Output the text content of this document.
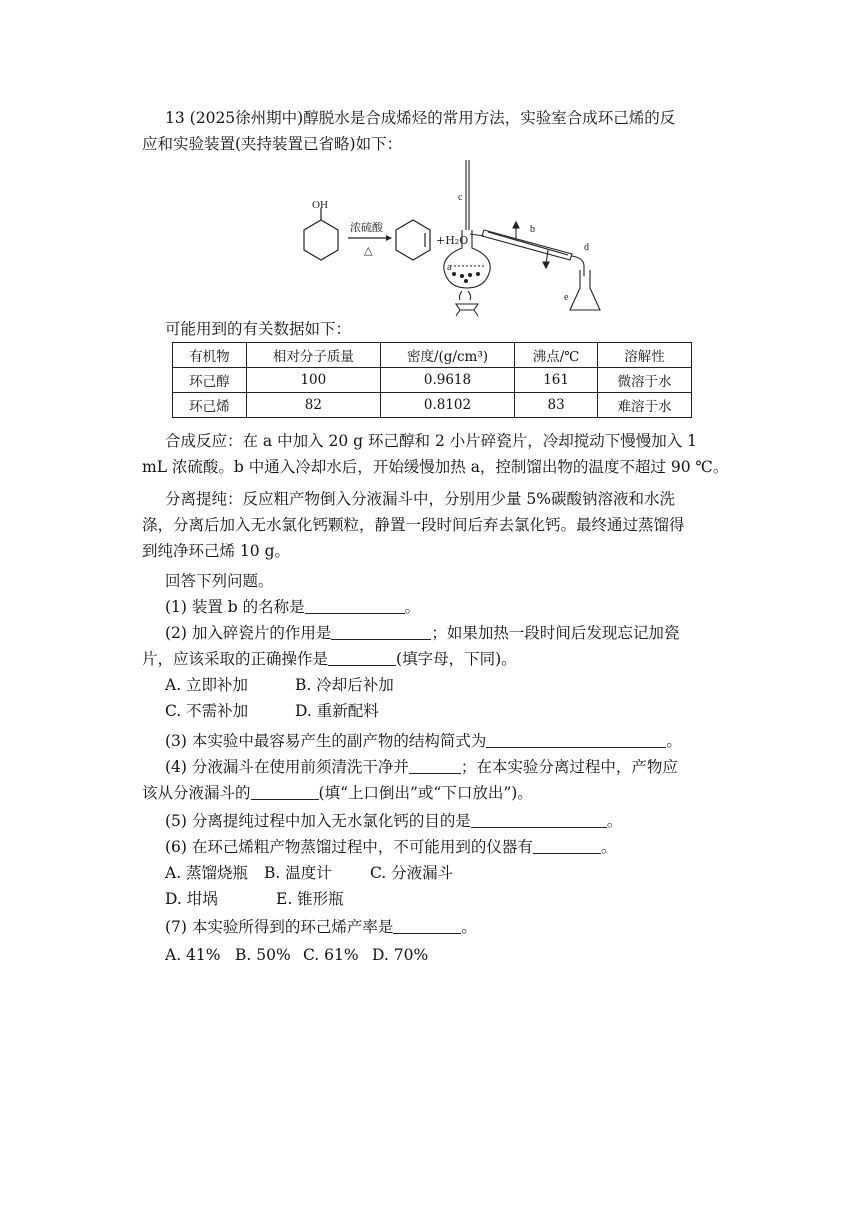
13 (2025徐州期中)醇脱水是合成烯烃的常用方法，实验室合成环己烯的反
应和实验装置(夹持装置已省略)如下：
OH
浓硫酸
△
+H₂O
a
b
c
d
e
可能用到的有关数据如下：
有机物	相对分子质量	密度/(g/cm³)	沸点/℃	溶解性
环己醇	100	0.9618	161	微溶于水
环己烯	82	0.8102	83	难溶于水
合成反应：在 a 中加入 20 g 环己醇和 2 小片碎瓷片，冷却搅动下慢慢加入 1
mL 浓硫酸。b 中通入冷却水后，开始缓慢加热 a，控制馏出物的温度不超过 90 ℃。
分离提纯：反应粗产物倒入分液漏斗中，分别用少量 5%碳酸钠溶液和水洗
涤，分离后加入无水氯化钙颗粒，静置一段时间后弃去氯化钙。最终通过蒸馏得
到纯净环己烯 10 g。
回答下列问题。
(1) 装置 b 的名称是	。
(2) 加入碎瓷片的作用是	；如果加热一段时间后发现忘记加瓷
片，应该采取的正确操作是	(填字母，下同)。
A. 立即补加	B. 冷却后补加
C. 不需补加	D. 重新配料
(3) 本实验中最容易产生的副产物的结构简式为	。
(4) 分液漏斗在使用前须清洗干净并	；在本实验分离过程中，产物应
该从分液漏斗的	(填“上口倒出”或“下口放出”)。
(5) 分离提纯过程中加入无水氯化钙的目的是	。
(6) 在环己烯粗产物蒸馏过程中，不可能用到的仪器有	。
A. 蒸馏烧瓶 B. 温度计 C. 分液漏斗
D. 坩埚	E. 锥形瓶
(7) 本实验所得到的环己烯产率是	。
A. 41% B. 50% C. 61% D. 70%
